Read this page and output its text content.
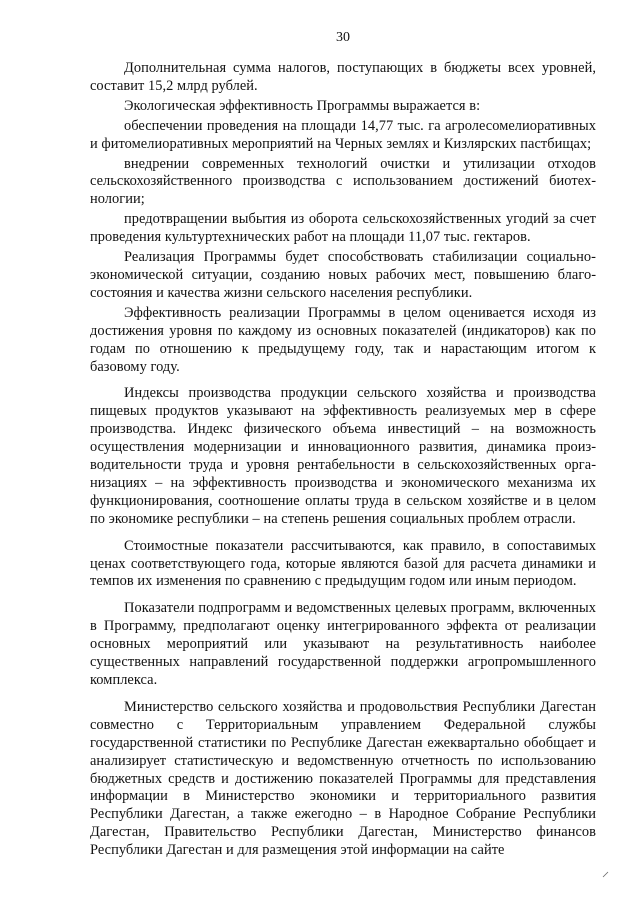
30

Дополнительная сумма налогов, поступающих в бюджеты всех уровней, составит 15,2 млрд рублей.

Экологическая эффективность Программы выражается в:

обеспечении проведения на площади 14,77 тыс. га агролесомелиоративных и фитомелиоративных мероприятий на Черных землях и Кизлярских пастбищах;

внедрении современных технологий очистки и утилизации отходов сельскохозяйственного производства с использованием достижений биотехнологии;

предотвращении выбытия из оборота сельскохозяйственных угодий за счет проведения культуртехнических работ на площади 11,07 тыс. гектаров.

Реализация Программы будет способствовать стабилизации социально-экономической ситуации, созданию новых рабочих мест, повышению благосостояния и качества жизни сельского населения республики.

Эффективность реализации Программы в целом оценивается исходя из достижения уровня по каждому из основных показателей (индикаторов) как по годам по отношению к предыдущему году, так и нарастающим итогом к базовому году.

Индексы производства продукции сельского хозяйства и производства пищевых продуктов указывают на эффективность реализуемых мер в сфере производства. Индекс физического объема инвестиций – на возможность осуществления модернизации и инновационного развития, динамика производительности труда и уровня рентабельности в сельскохозяйственных организациях – на эффективность производства и экономического механизма их функционирования, соотношение оплаты труда в сельском хозяйстве и в целом по экономике республики – на степень решения социальных проблем отрасли.

Стоимостные показатели рассчитываются, как правило, в сопоставимых ценах соответствующего года, которые являются базой для расчета динамики и темпов их изменения по сравнению с предыдущим годом или иным периодом.

Показатели подпрограмм и ведомственных целевых программ, включенных в Программу, предполагают оценку интегрированного эффекта от реализации основных мероприятий или указывают на результативность наиболее существенных направлений государственной поддержки агропромышленного комплекса.

Министерство сельского хозяйства и продовольствия Республики Дагестан совместно с Территориальным управлением Федеральной службы государственной статистики по Республике Дагестан ежеквартально обобщает и анализирует статистическую и ведомственную отчетность по использованию бюджетных средств и достижению показателей Программы для представления информации в Министерство экономики и территориального развития Республики Дагестан, а также ежегодно – в Народное Собрание Республики Дагестан, Правительство Республики Дагестан, Министерство финансов Республики Дагестан и для размещения этой информации на сайте
